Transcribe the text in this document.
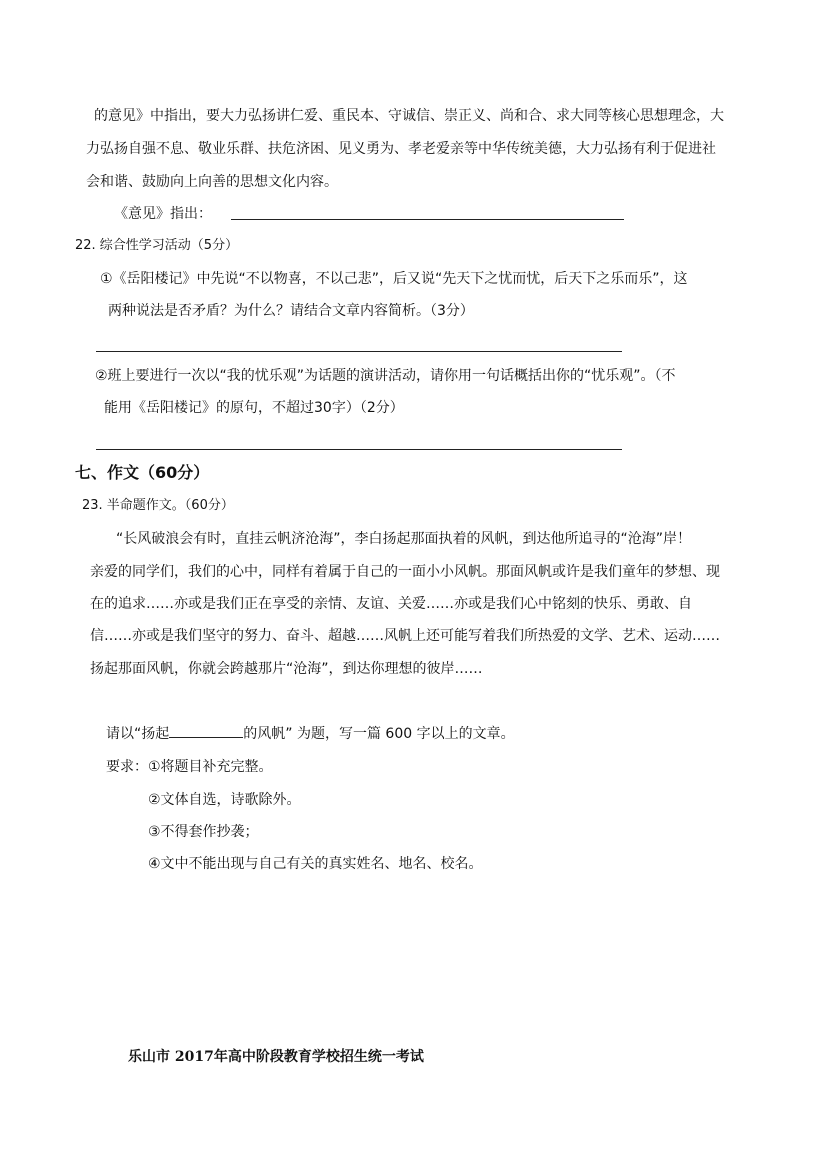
的意见》中指出，要大力弘扬讲仁爱、重民本、守诚信、崇正义、尚和合、求大同等核心思想理念，大
力弘扬自强不息、敬业乐群、扶危济困、见义勇为、孝老爱亲等中华传统美德，大力弘扬有利于促进社
会和谐、鼓励向上向善的思想文化内容。
《意见》指出：
22. 综合性学习活动（5分）
①《岳阳楼记》中先说“不以物喜，不以己悲”，后又说“先天下之忧而忧，后天下之乐而乐”，这
两种说法是否矛盾？为什么？请结合文章内容简析。（3分）
②班上要进行一次以“我的忧乐观”为话题的演讲活动，请你用一句话概括出你的“忧乐观”。（不
能用《岳阳楼记》的原句，不超过30字）（2分）
七、作文（60分）
23. 半命题作文。（60分）
“长风破浪会有时，直挂云帆济沧海”，李白扬起那面执着的风帆，到达他所追寻的“沧海”岸！
亲爱的同学们，我们的心中，同样有着属于自己的一面小小风帆。那面风帆或许是我们童年的梦想、现
在的追求……亦或是我们正在享受的亲情、友谊、关爱……亦或是我们心中铭刻的快乐、勇敢、自
信……亦或是我们坚守的努力、奋斗、超越……风帆上还可能写着我们所热爱的文学、艺术、运动……
扬起那面风帆，你就会跨越那片“沧海”，到达你理想的彼岸……
请以“扬起	的风帆” 为题，写一篇 600 字以上的文章。
要求：①将题目补充完整。
②文体自选，诗歌除外。
③不得套作抄袭；
④文中不能出现与自己有关的真实姓名、地名、校名。
乐山市 2017年高中阶段教育学校招生统一考试
